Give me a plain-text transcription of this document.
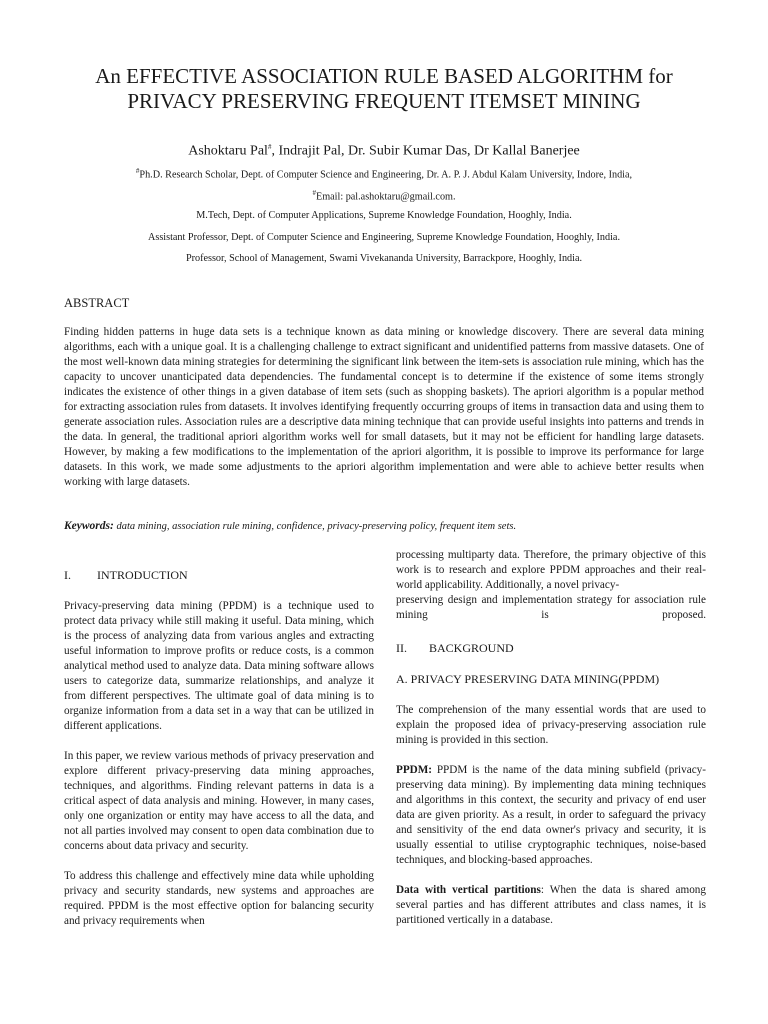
An EFFECTIVE ASSOCIATION RULE BASED ALGORITHM for
PRIVACY PRESERVING FREQUENT ITEMSET MINING

Ashoktaru Pal#, Indrajit Pal, Dr. Subir Kumar Das, Dr Kallal Banerjee

#Ph.D. Research Scholar, Dept. of Computer Science and Engineering, Dr. A. P. J. Abdul Kalam University, Indore, India,

#Email: pal.ashoktaru@gmail.com.

M.Tech, Dept. of Computer Applications, Supreme Knowledge Foundation, Hooghly, India.

Assistant Professor, Dept. of Computer Science and Engineering, Supreme Knowledge Foundation, Hooghly, India.

Professor, School of Management, Swami Vivekananda University, Barrackpore, Hooghly, India.

ABSTRACT

Finding hidden patterns in huge data sets is a technique known as data mining or knowledge discovery. There are several data mining algorithms, each with a unique goal. It is a challenging challenge to extract significant and unidentified patterns from massive datasets. One of the most well-known data mining strategies for determining the significant link between the item-sets is association rule mining, which has the capacity to uncover unanticipated data dependencies. The fundamental concept is to determine if the existence of some items strongly indicates the existence of other things in a given database of item sets (such as shopping baskets). The apriori algorithm is a popular method for extracting association rules from datasets. It involves identifying frequently occurring groups of items in transaction data and using them to generate association rules. Association rules are a descriptive data mining technique that can provide useful insights into patterns and trends in the data. In general, the traditional apriori algorithm works well for small datasets, but it may not be efficient for handling large datasets. However, by making a few modifications to the implementation of the apriori algorithm, it is possible to improve its performance for large datasets. In this work, we made some adjustments to the apriori algorithm implementation and were able to achieve better results when working with large datasets.

Keywords: data mining, association rule mining, confidence, privacy-preserving policy, frequent item sets.

I.	INTRODUCTION

Privacy-preserving data mining (PPDM) is a technique used to protect data privacy while still making it useful. Data mining, which is the process of analyzing data from various angles and extracting useful information to improve profits or reduce costs, is a common analytical method used to analyze data. Data mining software allows users to categorize data, summarize relationships, and analyze it from different perspectives. The ultimate goal of data mining is to organize information from a data set in a way that can be utilized in different applications.

In this paper, we review various methods of privacy preservation and explore different privacy-preserving data mining approaches, techniques, and algorithms. Finding relevant patterns in data is a critical aspect of data analysis and mining. However, in many cases, only one organization or entity may have access to all the data, and not all parties involved may consent to open data combination due to concerns about data privacy and security.

To address this challenge and effectively mine data while upholding privacy and security standards, new systems and approaches are required. PPDM is the most effective option for balancing security and privacy requirements when

processing multiparty data. Therefore, the primary objective of this work is to research and explore PPDM approaches and their real-world applicability. Additionally, a novel privacy-

preserving design and implementation strategy for association rule mining is proposed.

II.	BACKGROUND
A. PRIVACY PRESERVING DATA MINING(PPDM)

The comprehension of the many essential words that are used to explain the proposed idea of privacy-preserving association rule mining is provided in this section.

PPDM: PPDM is the name of the data mining subfield (privacy-preserving data mining). By implementing data mining techniques and algorithms in this context, the security and privacy of end user data are given priority. As a result, in order to safeguard the privacy and sensitivity of the end data owner's privacy and security, it is usually essential to utilise cryptographic techniques, noise-based techniques, and blocking-based approaches.

Data with vertical partitions: When the data is shared among several parties and has different attributes and class names, it is partitioned vertically in a database.
